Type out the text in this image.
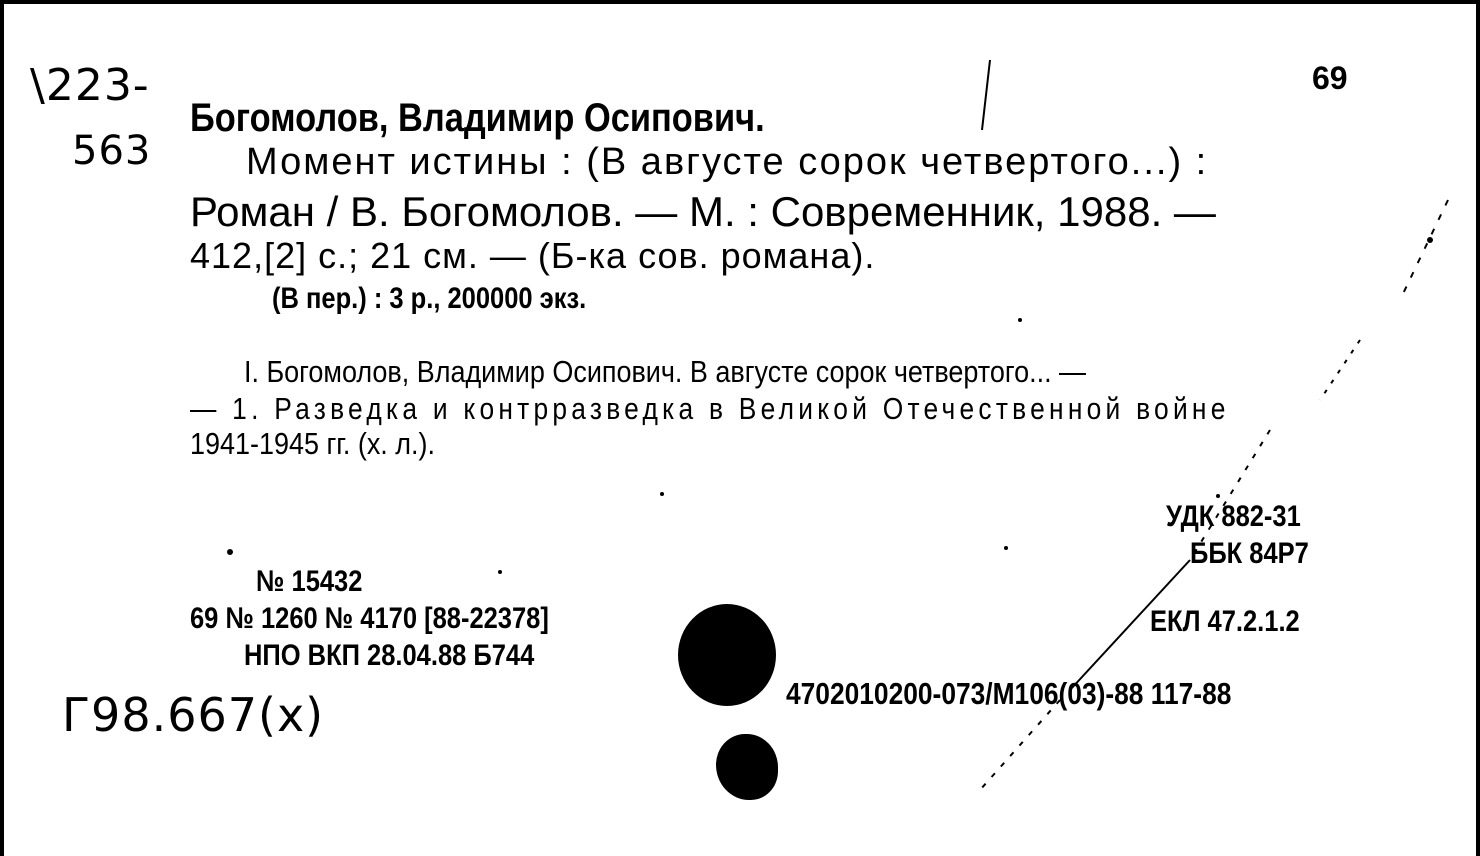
\223-
563
69
Богомолов, Владимир Осипович.
Момент истины : (В августе сорок четвертого...) :
Роман / В. Богомолов. — М. : Современник, 1988. —
412,[2] с.; 21 см. — (Б-ка сов. романа).
(В пер.) : 3 р., 200000 экз.
I. Богомолов, Владимир Осипович. В августе сорок четвертого... —
— 1. Разведка и контрразведка в Великой Отечественной войне
1941-1945 гг. (х. л.).
УДК 882-31
ББК 84Р7
ЕКЛ 47.2.1.2
№ 15432
69 № 1260 № 4170 [88-22378]
НПО ВКП 28.04.88 Б744
4702010200-073/М106(03)-88 117-88
Г98.667(х)
